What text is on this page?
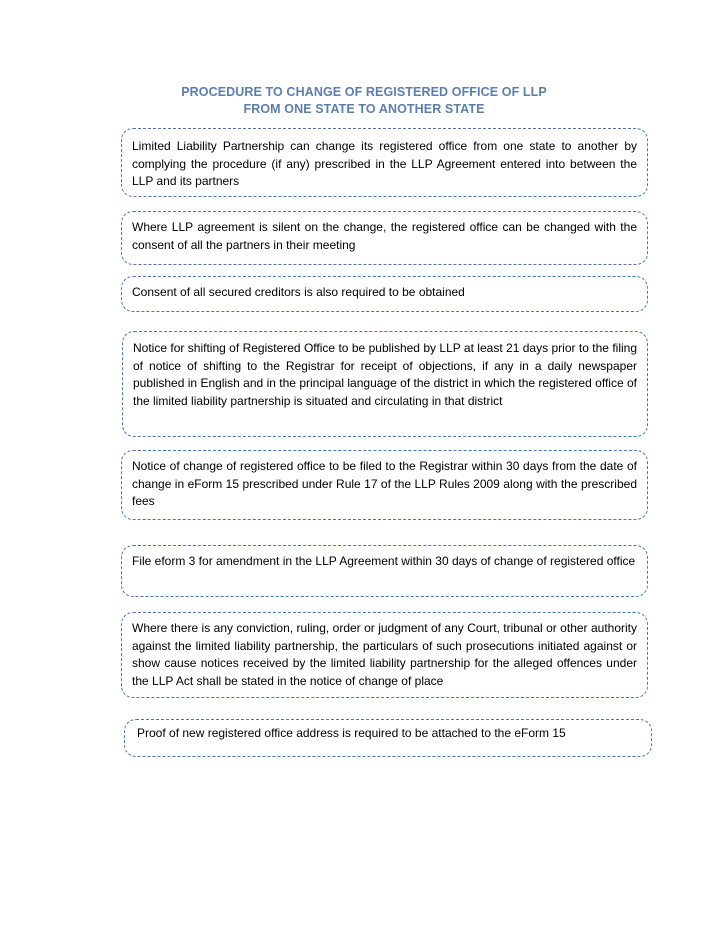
PROCEDURE TO CHANGE OF REGISTERED OFFICE OF LLP
FROM ONE STATE TO ANOTHER STATE

Limited Liability Partnership can change its registered office from one state to another by complying the procedure (if any) prescribed in the LLP Agreement entered into between the LLP and its partners

Where LLP agreement is silent on the change, the registered office can be changed with the consent of all the partners in their meeting

Consent of all secured creditors is also required to be obtained

Notice for shifting of Registered Office to be published by LLP at least 21 days prior to the filing of notice of shifting to the Registrar for receipt of objections, if any in a daily newspaper published in English and in the principal language of the district in which the registered office of the limited liability partnership is situated and circulating in that district

Notice of change of registered office to be filed to the Registrar within 30 days from the date of change in eForm 15 prescribed under Rule 17 of the LLP Rules 2009 along with the prescribed fees

File eform 3 for amendment in the LLP Agreement within 30 days of change of registered office

Where there is any conviction, ruling, order or judgment of any Court, tribunal or other authority against the limited liability partnership, the particulars of such prosecutions initiated against or show cause notices received by the limited liability partnership for the alleged offences under the LLP Act shall be stated in the notice of change of place

Proof of new registered office address is required to be attached to the eForm 15
